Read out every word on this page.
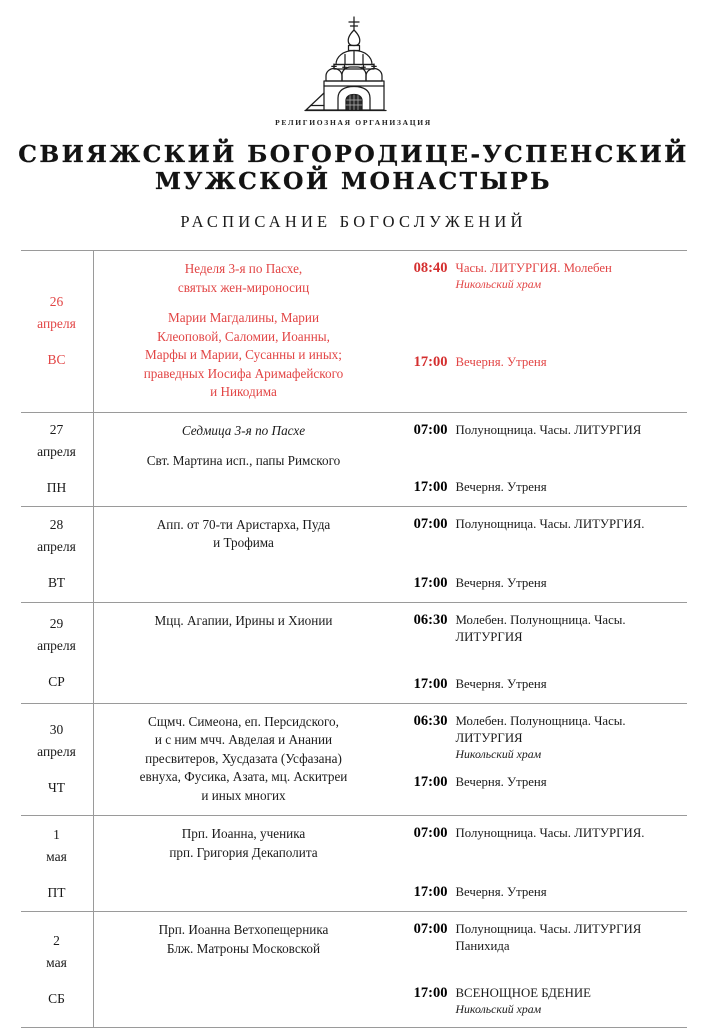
РЕЛИГИОЗНАЯ ОРГАНИЗАЦИЯ
СВИЯЖСКИЙ БОГОРОДИЦЕ-УСПЕНСКИЙ
МУЖСКОЙ МОНАСТЫРЬ
РАСПИСАНИЕ БОГОСЛУЖЕНИЙ
26
апреля
ВС

Неделя 3-я по Пасхе,
святых жен-мироносиц
Марии Магдалины, Марии
Клеоповой, Саломии, Иоанны,
Марфы и Марии, Сусанны и иных;
праведных Иосифа Аримафейского
и Никодима

08:40 Часы. ЛИТУРГИЯ. Молебен
Никольский храм
17:00 Вечерня. Утреня

27
апреля
ПН

Седмица 3-я по Пасхе
Свт. Мартина исп., папы Римского

07:00 Полунощница. Часы. ЛИТУРГИЯ
17:00 Вечерня. Утреня

28
апреля
ВТ

Апп. от 70-ти Аристарха, Пуда
и Трофима

07:00 Полунощница. Часы. ЛИТУРГИЯ.
17:00 Вечерня. Утреня

29
апреля
СР

Мцц. Агапии, Ирины и Хионии	06:30 Молебен. Полунощница. Часы. ЛИТУРГИЯ
17:00 Вечерня. Утреня

30
апреля
ЧТ

Сщмч. Симеона, еп. Персидского,
и с ним мчч. Авделая и Анании
пресвитеров, Хусдазата (Усфазана)
евнуха, Фусика, Азата, мц. Аскитреи
и иных многих

06:30 Молебен. Полунощница. Часы. ЛИТУРГИЯ
Никольский храм
17:00 Вечерня. Утреня

1
мая
ПТ

Прп. Иоанна, ученика
прп. Григория Декаполита

07:00 Полунощница. Часы. ЛИТУРГИЯ.
17:00 Вечерня. Утреня

2
мая
СБ

Прп. Иоанна Ветхопещерника
Блж. Матроны Московской

07:00 Полунощница. Часы. ЛИТУРГИЯ Панихида
17:00 ВСЕНОЩНОЕ БДЕНИЕ
Никольский храм
